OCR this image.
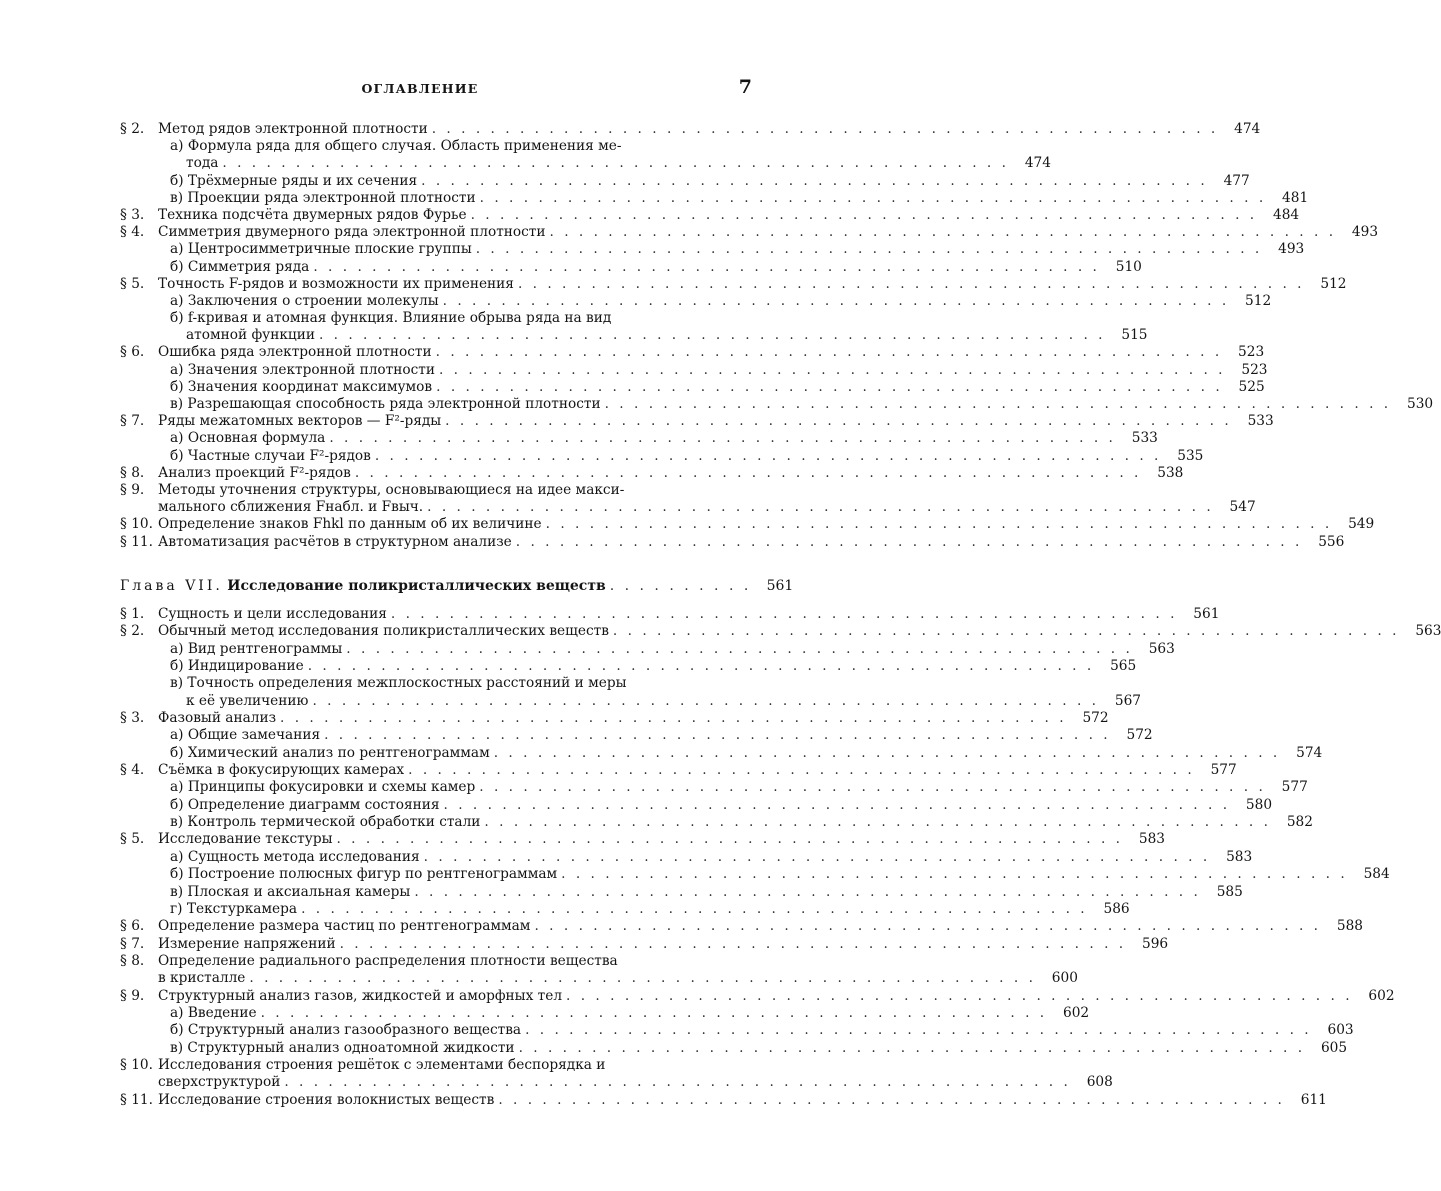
ОГЛАВЛЕНИЕ	7
§ 2. Метод рядов электронной плотности . . . . . . . . . . . . . . . . . . . . . . . . . . . . . . . . . . . . . . . . . . . . . . . . . . . . . .	474
а) Формула ряда для общего случая. Область применения ме-
тода . . . . . . . . . . . . . . . . . . . . . . . . . . . . . . . . . . . . . . . . . . . . . . . . . . . . . .	474
б) Трёхмерные ряды и их сечения . . . . . . . . . . . . . . . . . . . . . . . . . . . . . . . . . . . . . . . . . . . . . . . . . . . . . .	477
в) Проекции ряда электронной плотности . . . . . . . . . . . . . . . . . . . . . . . . . . . . . . . . . . . . . . . . . . . . . . . . . . . . . .	481
§ 3. Техника подсчёта двумерных рядов Фурье . . . . . . . . . . . . . . . . . . . . . . . . . . . . . . . . . . . . . . . . . . . . . . . . . . . . . .	484
§ 4. Симметрия двумерного ряда электронной плотности . . . . . . . . . . . . . . . . . . . . . . . . . . . . . . . . . . . . . . . . . . . . . . . . . . . . . .	493
а) Центросимметричные плоские группы . . . . . . . . . . . . . . . . . . . . . . . . . . . . . . . . . . . . . . . . . . . . . . . . . . . . . .	493
б) Симметрия ряда . . . . . . . . . . . . . . . . . . . . . . . . . . . . . . . . . . . . . . . . . . . . . . . . . . . . . .	510
§ 5. Точность F-рядов и возможности их применения . . . . . . . . . . . . . . . . . . . . . . . . . . . . . . . . . . . . . . . . . . . . . . . . . . . . . .	512
а) Заключения о строении молекулы . . . . . . . . . . . . . . . . . . . . . . . . . . . . . . . . . . . . . . . . . . . . . . . . . . . . . .	512
б) f-кривая и атомная функция. Влияние обрыва ряда на вид
атомной функции . . . . . . . . . . . . . . . . . . . . . . . . . . . . . . . . . . . . . . . . . . . . . . . . . . . . . .	515
§ 6. Ошибка ряда электронной плотности . . . . . . . . . . . . . . . . . . . . . . . . . . . . . . . . . . . . . . . . . . . . . . . . . . . . . .	523
а) Значения электронной плотности . . . . . . . . . . . . . . . . . . . . . . . . . . . . . . . . . . . . . . . . . . . . . . . . . . . . . .	523
б) Значения координат максимумов . . . . . . . . . . . . . . . . . . . . . . . . . . . . . . . . . . . . . . . . . . . . . . . . . . . . . .	525
в) Разрешающая способность ряда электронной плотности . . . . . . . . . . . . . . . . . . . . . . . . . . . . . . . . . . . . . . . . . . . . . . . . . . . . . .	530
§ 7. Ряды межатомных векторов — F²-ряды . . . . . . . . . . . . . . . . . . . . . . . . . . . . . . . . . . . . . . . . . . . . . . . . . . . . . .	533
а) Основная формула . . . . . . . . . . . . . . . . . . . . . . . . . . . . . . . . . . . . . . . . . . . . . . . . . . . . . .	533
б) Частные случаи F²-рядов . . . . . . . . . . . . . . . . . . . . . . . . . . . . . . . . . . . . . . . . . . . . . . . . . . . . . .	535
§ 8. Анализ проекций F²-рядов . . . . . . . . . . . . . . . . . . . . . . . . . . . . . . . . . . . . . . . . . . . . . . . . . . . . . .	538
§ 9. Методы уточнения структуры, основывающиеся на идее макси-
мального сближения Fнабл. и Fвыч. . . . . . . . . . . . . . . . . . . . . . . . . . . . . . . . . . . . . . . . . . . . . . . . . . . . . . .	547
§ 10. Определение знаков Fhkl по данным об их величине . . . . . . . . . . . . . . . . . . . . . . . . . . . . . . . . . . . . . . . . . . . . . . . . . . . . . .	549
§ 11. Автоматизация расчётов в структурном анализе . . . . . . . . . . . . . . . . . . . . . . . . . . . . . . . . . . . . . . . . . . . . . . . . . . . . . .	556
Глава VII. Исследование поликристаллических веществ . . . . . . . . . .	561
§ 1. Сущность и цели исследования . . . . . . . . . . . . . . . . . . . . . . . . . . . . . . . . . . . . . . . . . . . . . . . . . . . . . .	561
§ 2. Обычный метод исследования поликристаллических веществ . . . . . . . . . . . . . . . . . . . . . . . . . . . . . . . . . . . . . . . . . . . . . . . . . . . . . .	563
а) Вид рентгенограммы . . . . . . . . . . . . . . . . . . . . . . . . . . . . . . . . . . . . . . . . . . . . . . . . . . . . . .	563
б) Индицирование . . . . . . . . . . . . . . . . . . . . . . . . . . . . . . . . . . . . . . . . . . . . . . . . . . . . . .	565
в) Точность определения межплоскостных расстояний и меры
к её увеличению . . . . . . . . . . . . . . . . . . . . . . . . . . . . . . . . . . . . . . . . . . . . . . . . . . . . . .	567
§ 3. Фазовый анализ . . . . . . . . . . . . . . . . . . . . . . . . . . . . . . . . . . . . . . . . . . . . . . . . . . . . . .	572
а) Общие замечания . . . . . . . . . . . . . . . . . . . . . . . . . . . . . . . . . . . . . . . . . . . . . . . . . . . . . .	572
б) Химический анализ по рентгенограммам . . . . . . . . . . . . . . . . . . . . . . . . . . . . . . . . . . . . . . . . . . . . . . . . . . . . . .	574
§ 4. Съёмка в фокусирующих камерах . . . . . . . . . . . . . . . . . . . . . . . . . . . . . . . . . . . . . . . . . . . . . . . . . . . . . .	577
а) Принципы фокусировки и схемы камер . . . . . . . . . . . . . . . . . . . . . . . . . . . . . . . . . . . . . . . . . . . . . . . . . . . . . .	577
б) Определение диаграмм состояния . . . . . . . . . . . . . . . . . . . . . . . . . . . . . . . . . . . . . . . . . . . . . . . . . . . . . .	580
в) Контроль термической обработки стали . . . . . . . . . . . . . . . . . . . . . . . . . . . . . . . . . . . . . . . . . . . . . . . . . . . . . .	582
§ 5. Исследование текстуры . . . . . . . . . . . . . . . . . . . . . . . . . . . . . . . . . . . . . . . . . . . . . . . . . . . . . .	583
а) Сущность метода исследования . . . . . . . . . . . . . . . . . . . . . . . . . . . . . . . . . . . . . . . . . . . . . . . . . . . . . .	583
б) Построение полюсных фигур по рентгенограммам . . . . . . . . . . . . . . . . . . . . . . . . . . . . . . . . . . . . . . . . . . . . . . . . . . . . . .	584
в) Плоская и аксиальная камеры . . . . . . . . . . . . . . . . . . . . . . . . . . . . . . . . . . . . . . . . . . . . . . . . . . . . . .	585
г) Текстуркамера . . . . . . . . . . . . . . . . . . . . . . . . . . . . . . . . . . . . . . . . . . . . . . . . . . . . . .	586
§ 6. Определение размера частиц по рентгенограммам . . . . . . . . . . . . . . . . . . . . . . . . . . . . . . . . . . . . . . . . . . . . . . . . . . . . . .	588
§ 7. Измерение напряжений . . . . . . . . . . . . . . . . . . . . . . . . . . . . . . . . . . . . . . . . . . . . . . . . . . . . . .	596
§ 8. Определение радиального распределения плотности вещества
в кристалле . . . . . . . . . . . . . . . . . . . . . . . . . . . . . . . . . . . . . . . . . . . . . . . . . . . . . .	600
§ 9. Структурный анализ газов, жидкостей и аморфных тел . . . . . . . . . . . . . . . . . . . . . . . . . . . . . . . . . . . . . . . . . . . . . . . . . . . . . .	602
а) Введение . . . . . . . . . . . . . . . . . . . . . . . . . . . . . . . . . . . . . . . . . . . . . . . . . . . . . .	602
б) Структурный анализ газообразного вещества . . . . . . . . . . . . . . . . . . . . . . . . . . . . . . . . . . . . . . . . . . . . . . . . . . . . . .	603
в) Структурный анализ одноатомной жидкости . . . . . . . . . . . . . . . . . . . . . . . . . . . . . . . . . . . . . . . . . . . . . . . . . . . . . .	605
§ 10. Исследования строения решёток с элементами беспорядка и
сверхструктурой . . . . . . . . . . . . . . . . . . . . . . . . . . . . . . . . . . . . . . . . . . . . . . . . . . . . . .	608
§ 11. Исследование строения волокнистых веществ . . . . . . . . . . . . . . . . . . . . . . . . . . . . . . . . . . . . . . . . . . . . . . . . . . . . . .	611
